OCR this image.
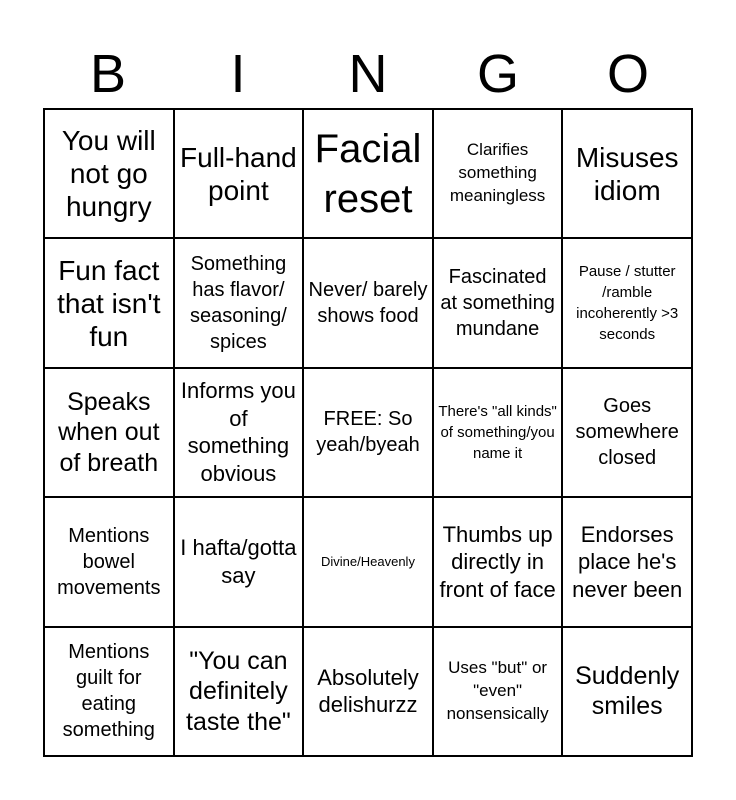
B	I	N	G	O
You will not go hungry
Full-hand point
Facial reset
Clarifies something meaningless
Misuses idiom
Fun fact that isn't fun
Something has flavor/ seasoning/ spices
Never/ barely shows food
Fascinated at something mundane
Pause / stutter /ramble incoherently >3 seconds
Speaks when out of breath
Informs you of something obvious
FREE: So yeah/byeah
There's "all kinds" of something/you name it
Goes somewhere closed
Mentions bowel movements
I hafta/gotta say
Divine/Heavenly
Thumbs up directly in front of face
Endorses place he's never been
Mentions guilt for eating something
"You can definitely taste the"
Absolutely delishurzz
Uses "but" or "even" nonsensically
Suddenly smiles
